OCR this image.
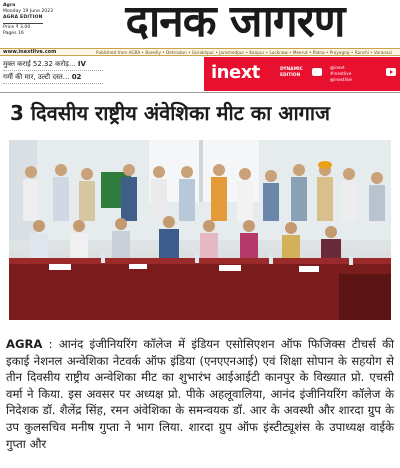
Agra
Monday 19 June 2023
AGRA EDITION
Price ₹ 3.00
Pages 16	दानक जागरण
www.inextlive.com	Published from AGRA • Bareilly • Dehradun • Gorakhpur • Jamshedpur • Kanpur • Lucknow • Meerut • Patna • Prayagraj • Ranchi • Varanasi
मुक्त कराई 52.32 करोड़... IV
गर्मी की मार, उल्टी दस्त... 02	inext	DYNAMIC
EDITION
@inext
#inextlive
@inextlive
3 दिवसीय राष्ट्रीय अंवेशिका मीट का आगाज

AGRA : आनंद इंजीनियरिंग कॉलेज में इंडियन एसोसिएशन ऑफ फिजिक्स टीचर्स की इकाई नेशनल अन्वेशिका नेटवर्क ऑफ इंडिया (एनएएनआई) एवं शिक्षा सोपान के सहयोग से तीन दिवसीय राष्ट्रीय अन्वेशिका मीट का शुभारंभ आईआईटी कानपुर के विख्यात प्रो. एचसी वर्मा ने किया. इस अवसर पर अध्यक्ष प्रो. पीके अहलूवालिया, आनंद इंजीनियरिंग कॉलेज के निदेशक डॉ. शैलेंद्र सिंह, रमन अंवेशिका के समन्वयक डॉ. आर के अवस्थी और शारदा ग्रुप के उप कुलसचिव मनीष गुप्ता ने भाग लिया. शारदा ग्रुप ऑफ इंस्टीट्यूशंस के उपाध्यक्ष वाईके गुप्ता और
